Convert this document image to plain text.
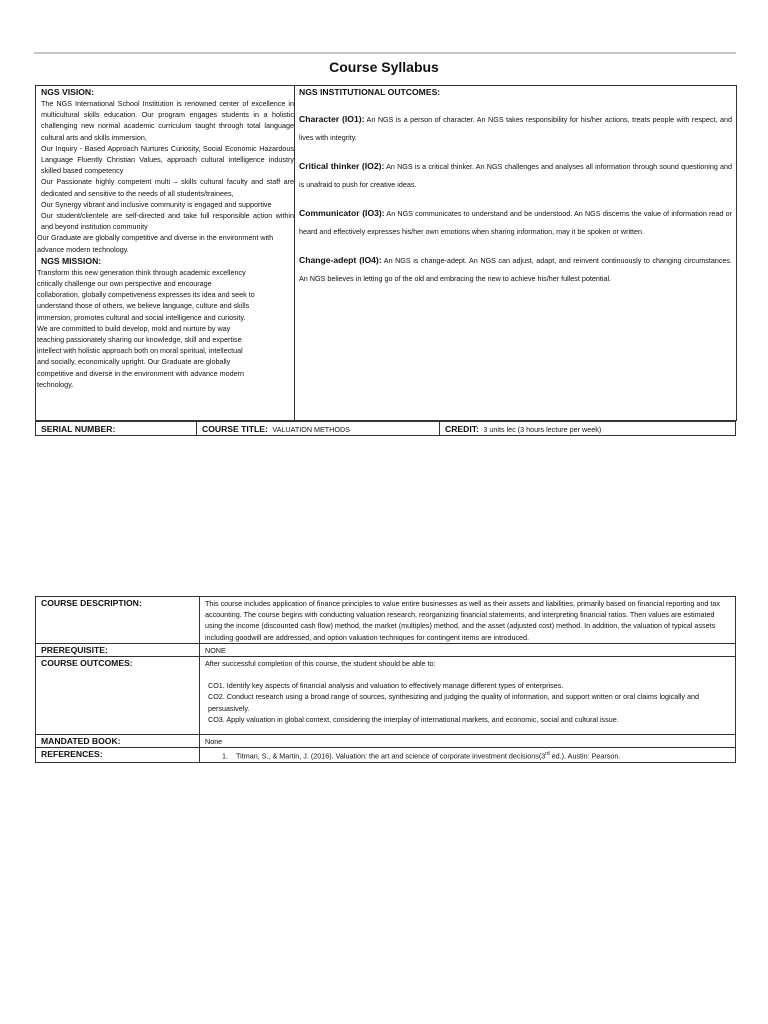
Course Syllabus
NGS VISION:
The NGS International School Institution is renowned center of excellence in multicultural skills education. Our program engages students in a holistic challenging new normal academic curriculum taught through total language cultural arts and skills immersion,
Our Inquiry - Based Approach Nurtures Curiosity, Social Economic Hazardous Language Fluently Christian Values, approach cultural intelligence industry skilled based competency
Our Passionate highly competent multi – skills cultural faculty and staff are dedicated and sensitive to the needs of all students/trainees,
Our Synergy vibrant and inclusive community is engaged and supportive
Our student/clientele are self-directed and take full responsible action within and beyond institution community
Our Graduate are globally competitive and diverse in the environment with advance modern technology.
NGS MISSION:
Transform this new generation think through academic excellency
critically challenge our own perspective and encourage
collaboration, globally competiveness expresses its idea and seek to
understand those of others, we believe language, culture and skills
immersion, promotes cultural and social intelligence and curiosity.
We are committed to build develop, mold and nurture by way
teaching passionately sharing our knowledge, skill and expertise
intellect with holistic approach both on moral spiritual, intellectual
and socially, economically upright. Our Graduate are globally
competitive and diverse in the environment with advance modern
technology.

NGS INSTITUTIONAL OUTCOMES:
Character (IO1): An NGS is a person of character. An NGS takes responsibility for his/her actions, treats people with respect, and lives with integrity.
Critical thinker (IO2): An NGS is a critical thinker. An NGS challenges and analyses all information through sound questioning and is unafraid to push for creative ideas.
Communicator (IO3): An NGS communicates to understand and be understood. An NGS discerns the value of information read or heard and effectively expresses his/her own emotions when sharing information, may it be spoken or written.
Change-adept (IO4): An NGS is change-adept. An NGS can adjust, adapt, and reinvent continuously to changing circumstances. An NGS believes in letting go of the old and embracing the new to achieve his/her fullest potential.
SERIAL NUMBER:	COURSE TITLE: VALUATION METHODS	CREDIT: 3 units lec (3 hours lecture per week)
COURSE DESCRIPTION:	This course includes application of finance principles to value entire businesses as well as their assets and liabilities, primarily based on financial reporting and tax accounting. The course begins with conducting valuation research, reorganizing financial statements, and interpreting financial ratios. Then values are estimated using the income (discounted cash flow) method, the market (multiples) method, and the asset (adjusted cost) method. In addition, the valuation of typical assets including goodwill are addressed, and option valuation techniques for contingent items are introduced.
PREREQUISITE:	NONE
COURSE OUTCOMES:	After successful completion of this course, the student should be able to:
CO1. Identify key aspects of financial analysis and valuation to effectively manage different types of enterprises.
CO2. Conduct research using a broad range of sources, synthesizing and judging the quality of information, and support written or oral claims logically and persuasively.
CO3. Apply valuation in global context, considering the interplay of international markets, and economic, social and cultural issue.

MANDATED BOOK:	None
REFERENCES:	1. Titman, S., & Martin, J. (2016). Valuation: the art and science of corporate investment decisions(3rd ed.). Austin: Pearson.
